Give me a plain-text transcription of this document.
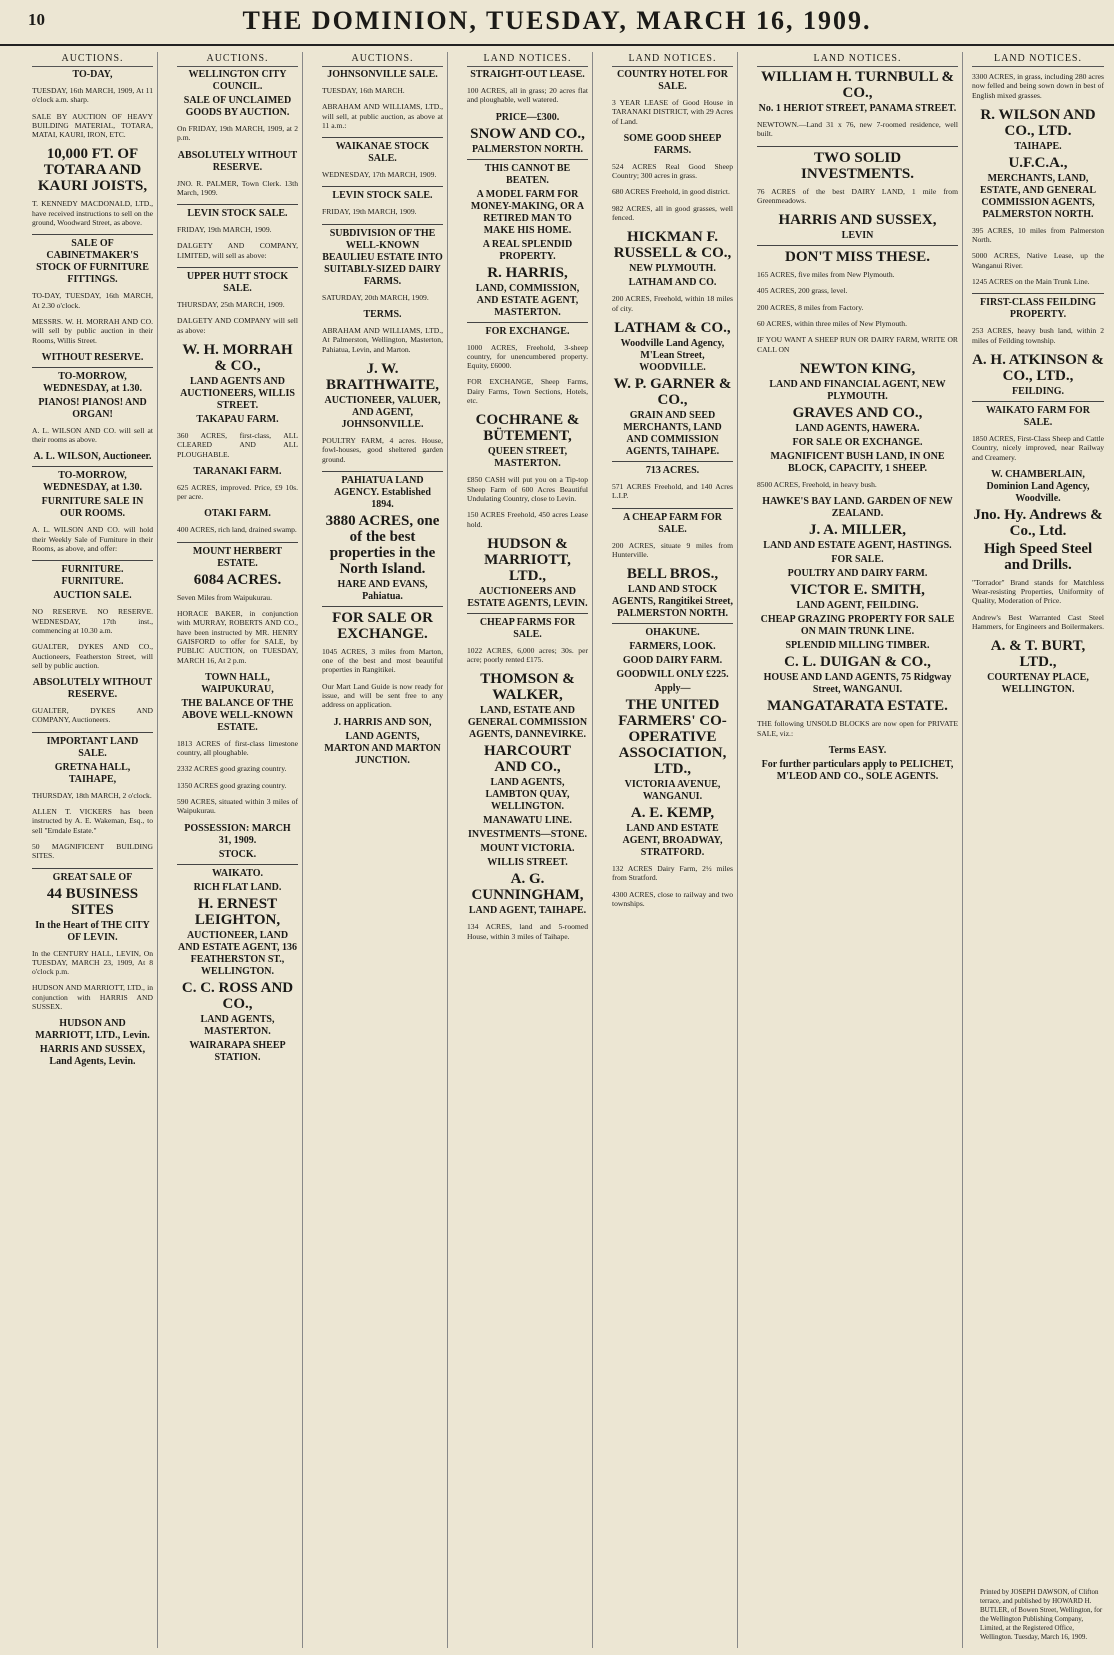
10	THE DOMINION, TUESDAY, MARCH 16, 1909.
AUCTIONS.
TO-DAY,
TUESDAY, 16th MARCH, 1909, At 11 o'clock a.m. sharp.
SALE BY AUCTION OF HEAVY BUILDING MATERIAL, TOTARA, MATAI, KAURI, IRON, ETC.
10,000 FT. OF TOTARA AND KAURI JOISTS,
T. KENNEDY MACDONALD, LTD., have received instructions to sell on the ground, Woodward Street, as above.
SALE OF CABINETMAKER'S STOCK OF FURNITURE FITTINGS.
TO-DAY, TUESDAY, 16th MARCH, At 2.30 o'clock.
MESSRS. W. H. MORRAH AND CO. will sell by public auction in their Rooms, Willis Street.
WITHOUT RESERVE.
TO-MORROW, WEDNESDAY, at 1.30.
PIANOS! PIANOS! AND ORGAN!
A. L. WILSON AND CO. will sell at their rooms as above.
A. L. WILSON, Auctioneer.
TO-MORROW, WEDNESDAY, at 1.30.
FURNITURE SALE IN OUR ROOMS.
A. L. WILSON AND CO. will hold their Weekly Sale of Furniture in their Rooms, as above, and offer:
FURNITURE. FURNITURE.
AUCTION SALE.
NO RESERVE. NO RESERVE. WEDNESDAY, 17th inst., commencing at 10.30 a.m.
GUALTER, DYKES AND CO., Auctioneers, Featherston Street, will sell by public auction.
ABSOLUTELY WITHOUT RESERVE.
GUALTER, DYKES AND COMPANY, Auctioneers.
IMPORTANT LAND SALE.
GRETNA HALL, TAIHAPE,
THURSDAY, 18th MARCH, 2 o'clock.
ALLEN T. VICKERS has been instructed by A. E. Wakeman, Esq., to sell "Erndale Estate."
50 MAGNIFICENT BUILDING SITES.
GREAT SALE OF
44 BUSINESS SITES
In the Heart of THE CITY OF LEVIN.
In the CENTURY HALL, LEVIN, On TUESDAY, MARCH 23, 1909, At 8 o'clock p.m.
HUDSON AND MARRIOTT, LTD., in conjunction with HARRIS AND SUSSEX.
HUDSON AND MARRIOTT, LTD., Levin.
HARRIS AND SUSSEX, Land Agents, Levin.
AUCTIONS.
WELLINGTON CITY COUNCIL.
SALE OF UNCLAIMED GOODS BY AUCTION.
On FRIDAY, 19th MARCH, 1909, at 2 p.m.
ABSOLUTELY WITHOUT RESERVE.
JNO. R. PALMER, Town Clerk. 13th March, 1909.
LEVIN STOCK SALE.
FRIDAY, 19th MARCH, 1909.
DALGETY AND COMPANY, LIMITED, will sell as above:
UPPER HUTT STOCK SALE.
THURSDAY, 25th MARCH, 1909.
DALGETY AND COMPANY will sell as above:
W. H. MORRAH & CO.,
LAND AGENTS AND AUCTIONEERS, WILLIS STREET.
TAKAPAU FARM.
360 ACRES, first-class, ALL CLEARED AND ALL PLOUGHABLE.
TARANAKI FARM.
625 ACRES, improved. Price, £9 10s. per acre.
OTAKI FARM.
400 ACRES, rich land, drained swamp.
MOUNT HERBERT ESTATE.
6084 ACRES.
Seven Miles from Waipukurau.
HORACE BAKER, in conjunction with MURRAY, ROBERTS AND CO., have been instructed by MR. HENRY GAISFORD to offer for SALE, by PUBLIC AUCTION, on TUESDAY, MARCH 16, At 2 p.m.
TOWN HALL, WAIPUKURAU,
THE BALANCE OF THE ABOVE WELL-KNOWN ESTATE.
1813 ACRES of first-class limestone country, all ploughable.
2332 ACRES good grazing country.
1350 ACRES good grazing country.
590 ACRES, situated within 3 miles of Waipukurau.
POSSESSION: MARCH 31, 1909.
STOCK.
WAIKATO.
RICH FLAT LAND.
H. ERNEST LEIGHTON,
AUCTIONEER, LAND AND ESTATE AGENT, 136 FEATHERSTON ST., WELLINGTON.
C. C. ROSS AND CO.,
LAND AGENTS, MASTERTON.
WAIRARAPA SHEEP STATION.
AUCTIONS.
JOHNSONVILLE SALE.
TUESDAY, 16th MARCH.
ABRAHAM AND WILLIAMS, LTD., will sell, at public auction, as above at 11 a.m.:
WAIKANAE STOCK SALE.
WEDNESDAY, 17th MARCH, 1909.
LEVIN STOCK SALE.
FRIDAY, 19th MARCH, 1909.
SUBDIVISION OF THE WELL-KNOWN BEAULIEU ESTATE INTO SUITABLY-SIZED DAIRY FARMS.
SATURDAY, 20th MARCH, 1909.
TERMS.
ABRAHAM AND WILLIAMS, LTD., At Palmerston, Wellington, Masterton, Pahiatua, Levin, and Marton.
J. W. BRAITHWAITE,
AUCTIONEER, VALUER, AND AGENT, JOHNSONVILLE.
POULTRY FARM, 4 acres. House, fowl-houses, good sheltered garden ground.
PAHIATUA LAND AGENCY. Established 1894.
3880 ACRES, one of the best properties in the North Island.
HARE AND EVANS, Pahiatua.
FOR SALE OR EXCHANGE.
1045 ACRES, 3 miles from Marton, one of the best and most beautiful properties in Rangitikei.
Our Mart Land Guide is now ready for issue, and will be sent free to any address on application.
J. HARRIS AND SON,
LAND AGENTS, MARTON AND MARTON JUNCTION.
LAND NOTICES.
STRAIGHT-OUT LEASE.
100 ACRES, all in grass; 20 acres flat and ploughable, well watered.
PRICE—£300.
SNOW AND CO.,
PALMERSTON NORTH.
THIS CANNOT BE BEATEN.
A MODEL FARM FOR MONEY-MAKING, OR A RETIRED MAN TO MAKE HIS HOME.
A REAL SPLENDID PROPERTY.
R. HARRIS,
LAND, COMMISSION, AND ESTATE AGENT, MASTERTON.
FOR EXCHANGE.
1000 ACRES, Freehold, 3-sheep country, for unencumbered property. Equity, £6000.
FOR EXCHANGE, Sheep Farms, Dairy Farms, Town Sections, Hotels, etc.
COCHRANE & BÜTEMENT,
QUEEN STREET, MASTERTON.
£850 CASH will put you on a Tip-top Sheep Farm of 600 Acres Beautiful Undulating Country, close to Levin.
150 ACRES Freehold, 450 acres Lease hold.
HUDSON & MARRIOTT, LTD.,
AUCTIONEERS AND ESTATE AGENTS, LEVIN.
CHEAP FARMS FOR SALE.
1022 ACRES, 6,000 acres; 30s. per acre; poorly rented £175.
THOMSON & WALKER,
LAND, ESTATE AND GENERAL COMMISSION AGENTS, DANNEVIRKE.
HARCOURT AND CO.,
LAND AGENTS, LAMBTON QUAY, WELLINGTON.
MANAWATU LINE.
INVESTMENTS—STONE.
MOUNT VICTORIA.
WILLIS STREET.
A. G. CUNNINGHAM,
LAND AGENT, TAIHAPE.
134 ACRES, land and 5-roomed House, within 3 miles of Taihape.
LAND NOTICES.
COUNTRY HOTEL FOR SALE.
3 YEAR LEASE of Good House in TARANAKI DISTRICT, with 29 Acres of Land.
SOME GOOD SHEEP FARMS.
524 ACRES Real Good Sheep Country; 300 acres in grass.
680 ACRES Freehold, in good district.
982 ACRES, all in good grasses, well fenced.
HICKMAN F. RUSSELL & CO.,
NEW PLYMOUTH.
LATHAM AND CO.
200 ACRES, Freehold, within 18 miles of city.
LATHAM & CO.,
Woodville Land Agency, M'Lean Street, WOODVILLE.
W. P. GARNER & CO.,
GRAIN AND SEED MERCHANTS, LAND AND COMMISSION AGENTS, TAIHAPE.
713 ACRES.
571 ACRES Freehold, and 140 Acres L.I.P.
A CHEAP FARM FOR SALE.
200 ACRES, situate 9 miles from Hunterville.
BELL BROS.,
LAND AND STOCK AGENTS, Rangitikei Street, PALMERSTON NORTH.
OHAKUNE.
FARMERS, LOOK.
GOOD DAIRY FARM.
GOODWILL ONLY £225.
Apply—
THE UNITED FARMERS' CO-OPERATIVE ASSOCIATION, LTD.,
VICTORIA AVENUE, WANGANUI.
A. E. KEMP,
LAND AND ESTATE AGENT, BROADWAY, STRATFORD.
132 ACRES Dairy Farm, 2½ miles from Stratford.
4300 ACRES, close to railway and two townships.
LAND NOTICES.
WILLIAM H. TURNBULL & CO.,
No. 1 HERIOT STREET, PANAMA STREET.
NEWTOWN.—Land 31 x 76, new 7-roomed residence, well built.
TWO SOLID INVESTMENTS.
76 ACRES of the best DAIRY LAND, 1 mile from Greenmeadows.
HARRIS AND SUSSEX,
LEVIN
DON'T MISS THESE.
165 ACRES, five miles from New Plymouth.
405 ACRES, 200 grass, level.
200 ACRES, 8 miles from Factory.
60 ACRES, within three miles of New Plymouth.
IF YOU WANT A SHEEP RUN OR DAIRY FARM, WRITE OR CALL ON
NEWTON KING,
LAND AND FINANCIAL AGENT, NEW PLYMOUTH.
GRAVES AND CO.,
LAND AGENTS, HAWERA.
FOR SALE OR EXCHANGE.
MAGNIFICENT BUSH LAND, IN ONE BLOCK, CAPACITY, 1 SHEEP.
8500 ACRES, Freehold, in heavy bush.
HAWKE'S BAY LAND. GARDEN OF NEW ZEALAND.
J. A. MILLER,
LAND AND ESTATE AGENT, HASTINGS.
FOR SALE.
POULTRY AND DAIRY FARM.
VICTOR E. SMITH,
LAND AGENT, FEILDING.
CHEAP GRAZING PROPERTY FOR SALE ON MAIN TRUNK LINE.
SPLENDID MILLING TIMBER.
C. L. DUIGAN & CO.,
HOUSE AND LAND AGENTS, 75 Ridgway Street, WANGANUI.
MANGATARATA ESTATE.
THE following UNSOLD BLOCKS are now open for PRIVATE SALE, viz.:
Terms EASY.
For further particulars apply to PELICHET, M'LEOD AND CO., SOLE AGENTS.
LAND NOTICES.
3300 ACRES, in grass, including 280 acres now felled and being sown down in best of English mixed grasses.
R. WILSON AND CO., LTD.
TAIHAPE.
U.F.C.A.,
MERCHANTS, LAND, ESTATE, AND GENERAL COMMISSION AGENTS, PALMERSTON NORTH.
395 ACRES, 10 miles from Palmerston North.
5000 ACRES, Native Lease, up the Wanganui River.
1245 ACRES on the Main Trunk Line.
FIRST-CLASS FEILDING PROPERTY.
253 ACRES, heavy bush land, within 2 miles of Feilding township.
A. H. ATKINSON & CO., LTD.,
FEILDING.
WAIKATO FARM FOR SALE.
1850 ACRES, First-Class Sheep and Cattle Country, nicely improved, near Railway and Creamery.
W. CHAMBERLAIN, Dominion Land Agency, Woodville.
Jno. Hy. Andrews & Co., Ltd.
High Speed Steel and Drills.
"Torrador" Brand stands for Matchless Wear-resisting Properties, Uniformity of Quality, Moderation of Price.
Andrew's Best Warranted Cast Steel Hammers, for Engineers and Boilermakers.
A. & T. BURT, LTD.,
COURTENAY PLACE, WELLINGTON.
Printed by JOSEPH DAWSON, of Clifton terrace, and published by HOWARD H. BUTLER, of Bowen Street, Wellington, for the Wellington Publishing Company, Limited, at the Registered Office, Wellington. Tuesday, March 16, 1909.
